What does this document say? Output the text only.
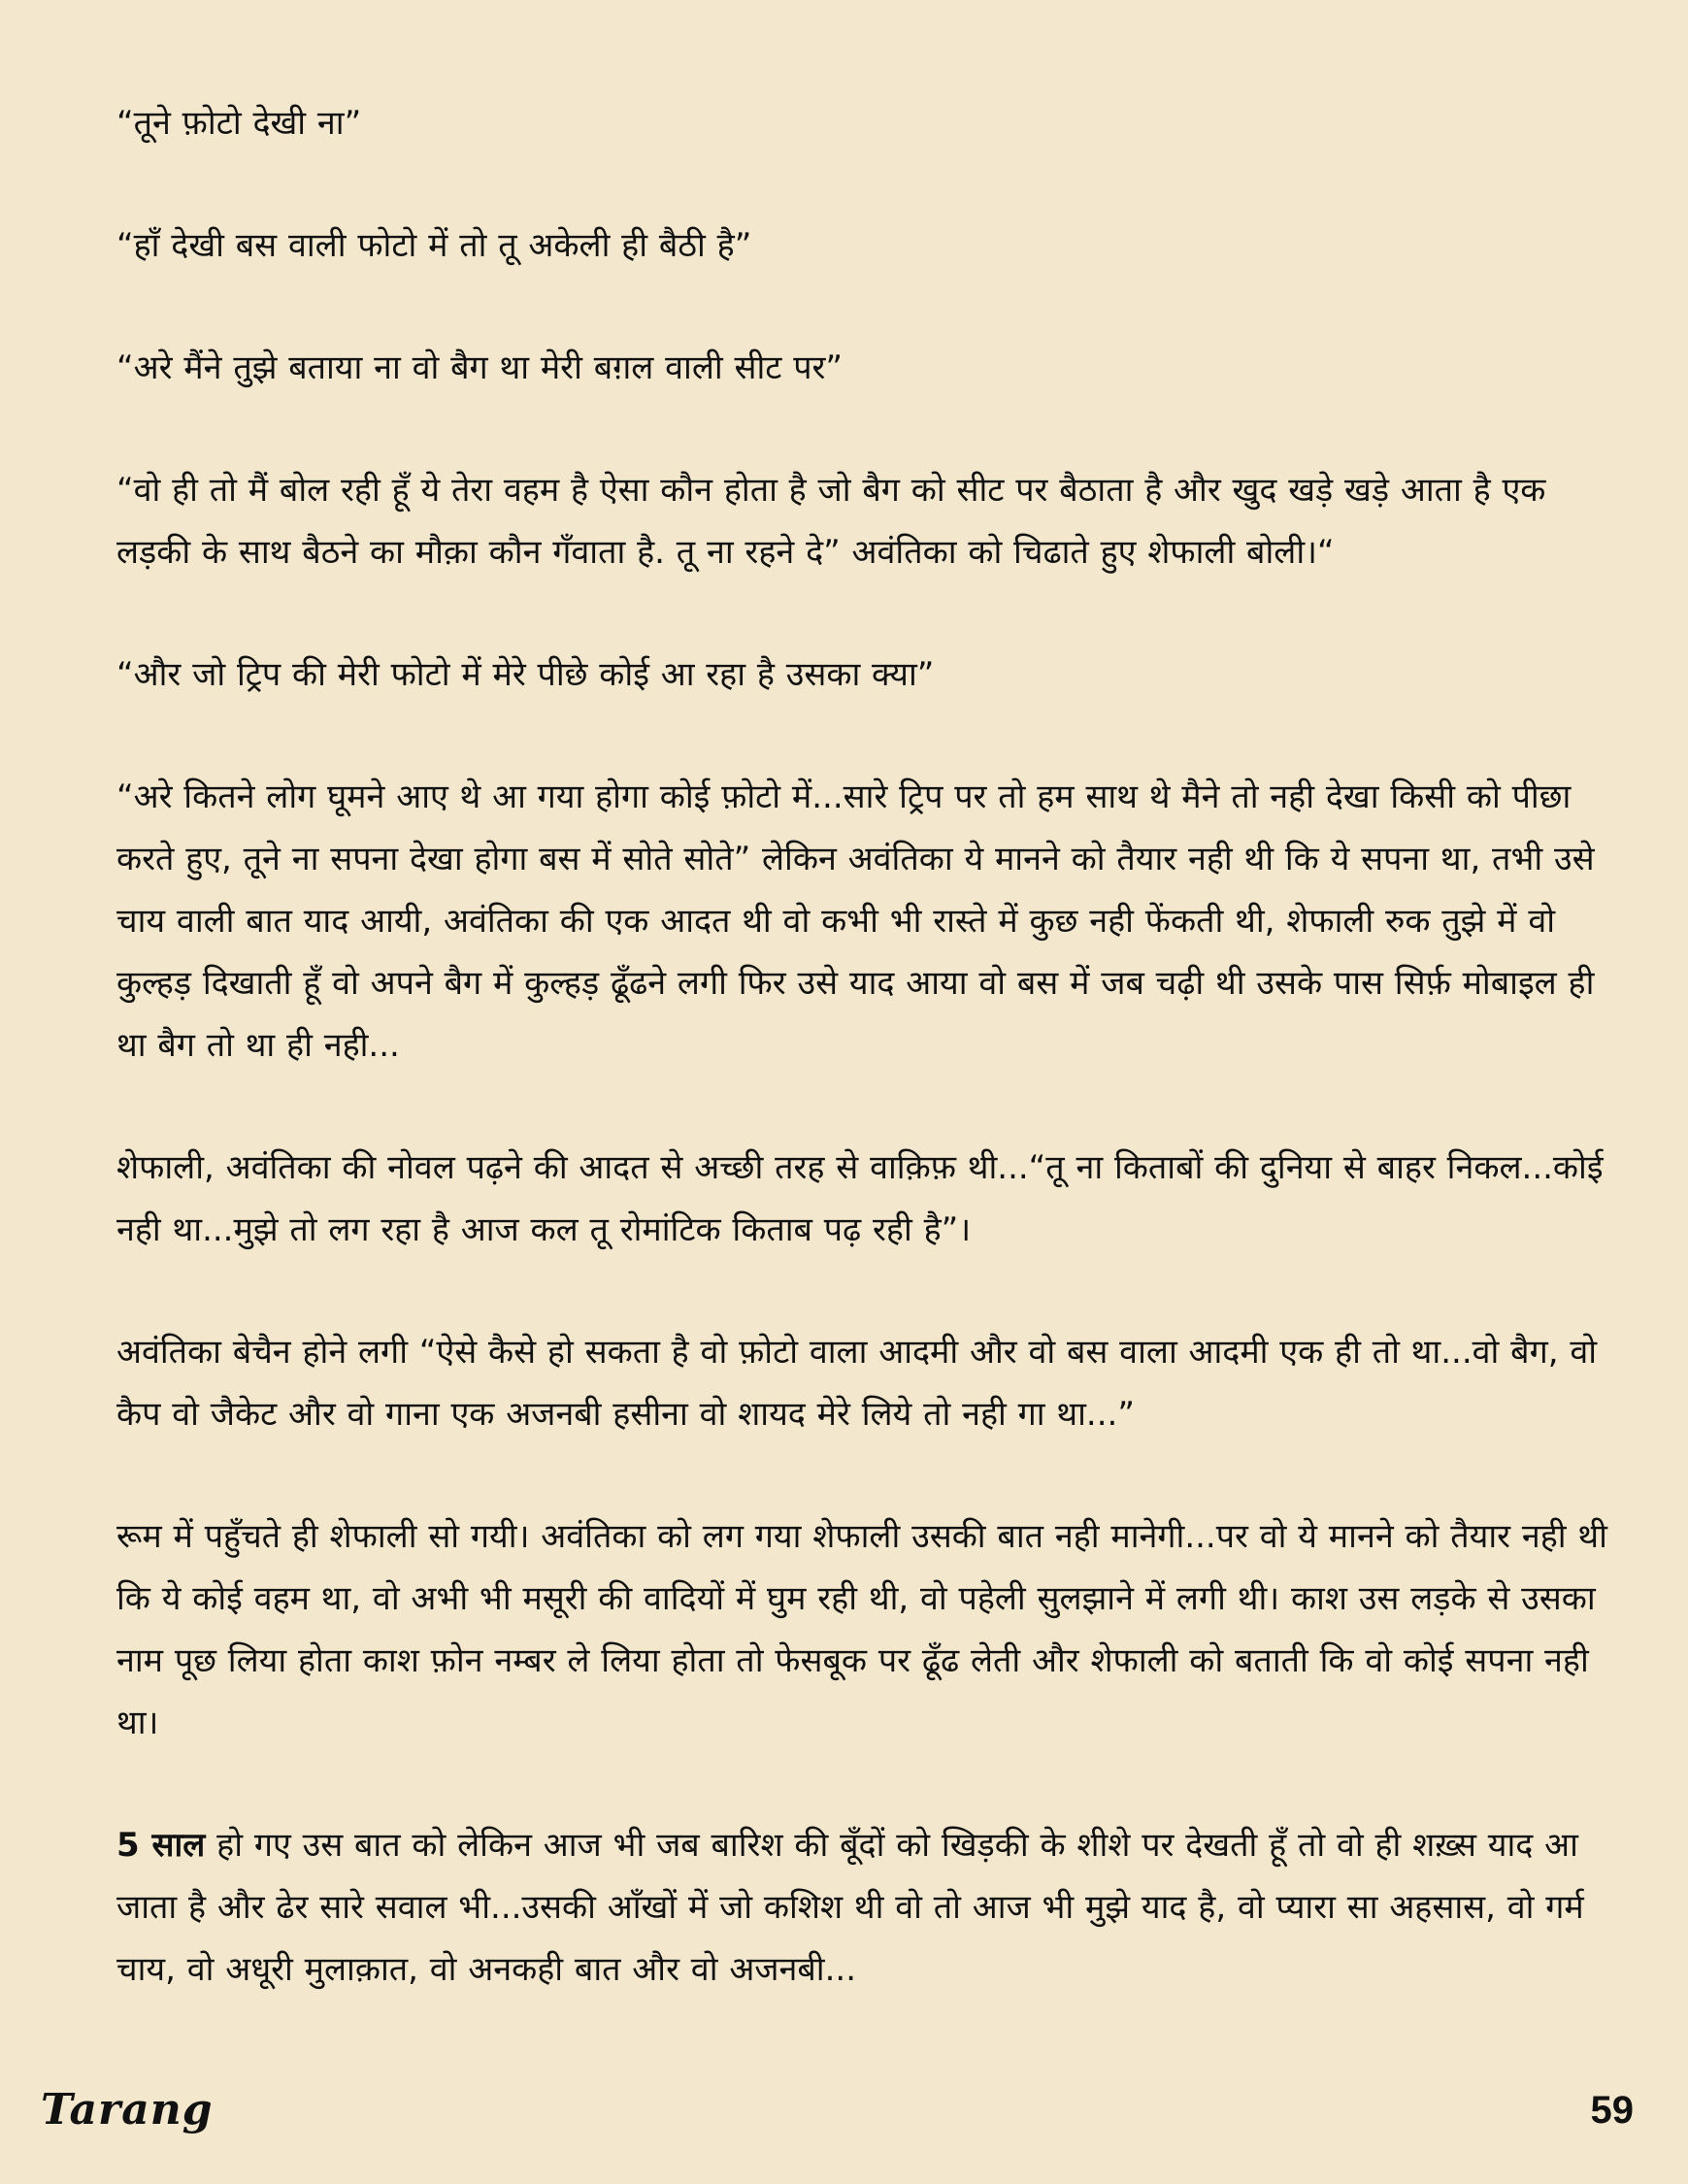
“तूने फ़ोटो देखी ना”

“हाँ देखी बस वाली फोटो में तो तू अकेली ही बैठी है”

“अरे मैंने तुझे बताया ना वो बैग था मेरी बग़ल वाली सीट पर”

“वो ही तो मैं बोल रही हूँ ये तेरा वहम है ऐसा कौन होता है जो बैग को सीट पर बैठाता है और खुद खड़े खड़े आता है एक लड़की के साथ बैठने का मौक़ा कौन गँवाता है. तू ना रहने दे” अवंतिका को चिढाते हुए शेफाली बोली।“

“और जो ट्रिप की मेरी फोटो में मेरे पीछे कोई आ रहा है उसका क्या”

“अरे कितने लोग घूमने आए थे आ गया होगा कोई फ़ोटो में...सारे ट्रिप पर तो हम साथ थे मैने तो नही देखा किसी को पीछा करते हुए, तूने ना सपना देखा होगा बस में सोते सोते” लेकिन अवंतिका ये मानने को तैयार नही थी कि ये सपना था, तभी उसे चाय वाली बात याद आयी, अवंतिका की एक आदत थी वो कभी भी रास्ते में कुछ नही फेंकती थी, शेफाली रुक तुझे में वो कुल्हड़ दिखाती हूँ वो अपने बैग में कुल्हड़ ढूँढने लगी फिर उसे याद आया वो बस में जब चढ़ी थी उसके पास सिर्फ़ मोबाइल ही था बैग तो था ही नही...

शेफाली, अवंतिका की नोवल पढ़ने की आदत से अच्छी तरह से वाक़िफ़ थी...“तू ना किताबों की दुनिया से बाहर निकल...कोई नही था...मुझे तो लग रहा है आज कल तू रोमांटिक किताब पढ़ रही है”।

अवंतिका बेचैन होने लगी “ऐसे कैसे हो सकता है वो फ़ोटो वाला आदमी और वो बस वाला आदमी एक ही तो था...वो बैग, वो कैप वो जैकेट और वो गाना एक अजनबी हसीना वो शायद मेरे लिये तो नही गा था...”

रूम में पहुँचते ही शेफाली सो गयी। अवंतिका को लग गया शेफाली उसकी बात नही मानेगी...पर वो ये मानने को तैयार नही थी कि ये कोई वहम था, वो अभी भी मसूरी की वादियों में घुम रही थी, वो पहेली सुलझाने में लगी थी। काश उस लड़के से उसका नाम पूछ लिया होता काश फ़ोन नम्बर ले लिया होता तो फेसबूक पर ढूँढ लेती और शेफाली को बताती कि वो कोई सपना नही था।

5 साल हो गए उस बात को लेकिन आज भी जब बारिश की बूँदों को खिड़की के शीशे पर देखती हूँ तो वो ही शख़्स याद आ जाता है और ढेर सारे सवाल भी...उसकी आँखों में जो कशिश थी वो तो आज भी मुझे याद है, वो प्यारा सा अहसास, वो गर्म चाय, वो अधूरी मुलाक़ात, वो अनकही बात और वो अजनबी...

Tarang	59
